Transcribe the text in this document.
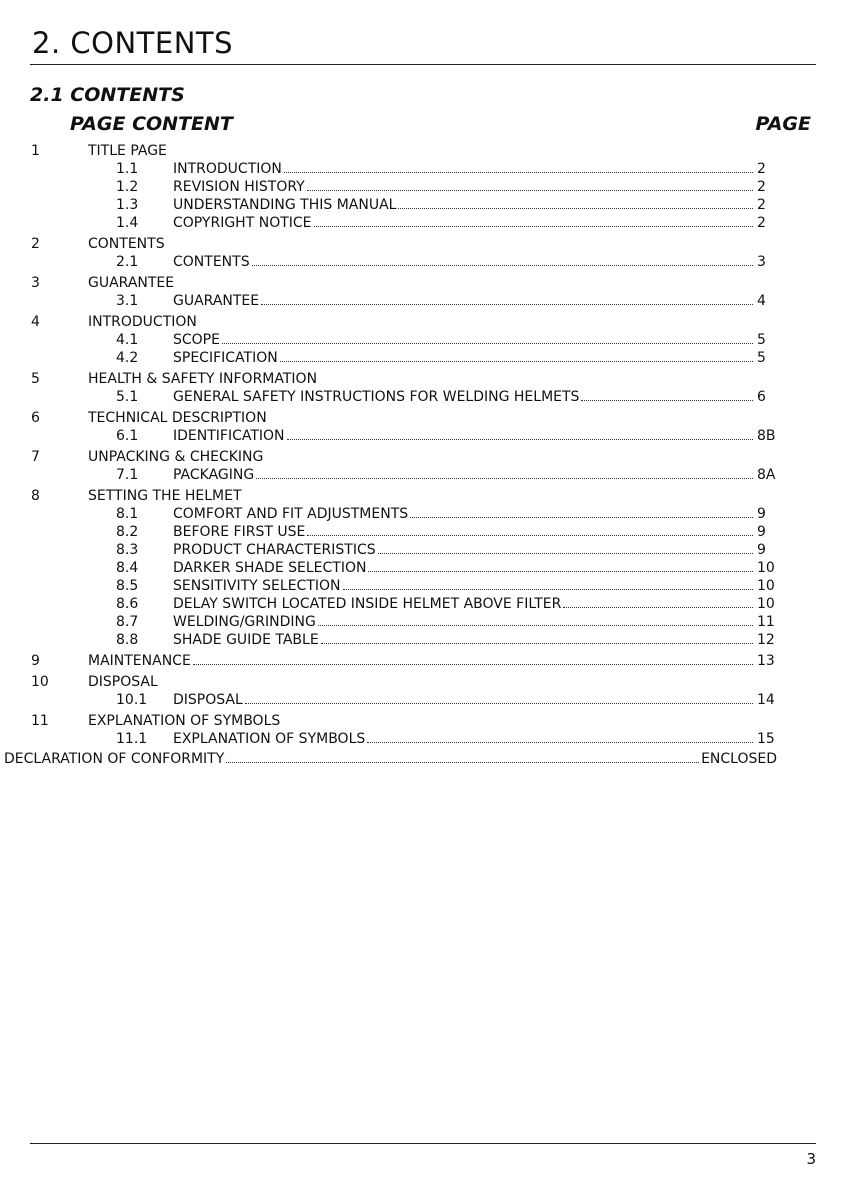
2. CONTENTS
2.1 CONTENTS
PAGE CONTENT	PAGE
1	TITLE PAGE
1.1 INTRODUCTION	2
1.2 REVISION HISTORY	2
1.3 UNDERSTANDING THIS MANUAL	2
1.4 COPYRIGHT NOTICE	2
2	CONTENTS
2.1 CONTENTS	3
3	GUARANTEE
3.1 GUARANTEE	4
4	INTRODUCTION
4.1 SCOPE	5
4.2 SPECIFICATION	5
5	HEALTH & SAFETY INFORMATION
5.1 GENERAL SAFETY INSTRUCTIONS FOR WELDING HELMETS	6
6	TECHNICAL DESCRIPTION
6.1 IDENTIFICATION	8B
7	UNPACKING & CHECKING
7.1 PACKAGING	8A
8	SETTING THE HELMET
8.1 COMFORT AND FIT ADJUSTMENTS	9
8.2 BEFORE FIRST USE	9
8.3 PRODUCT CHARACTERISTICS	9
8.4 DARKER SHADE SELECTION	10
8.5 SENSITIVITY SELECTION	10
8.6 DELAY SWITCH LOCATED INSIDE HELMET ABOVE FILTER	10
8.7 WELDING/GRINDING	11
8.8 SHADE GUIDE TABLE	12
9	MAINTENANCE	13
10	DISPOSAL
10.1 DISPOSAL	14
11	EXPLANATION OF SYMBOLS
11.1 EXPLANATION OF SYMBOLS	15
DECLARATION OF CONFORMITY	ENCLOSED
3
